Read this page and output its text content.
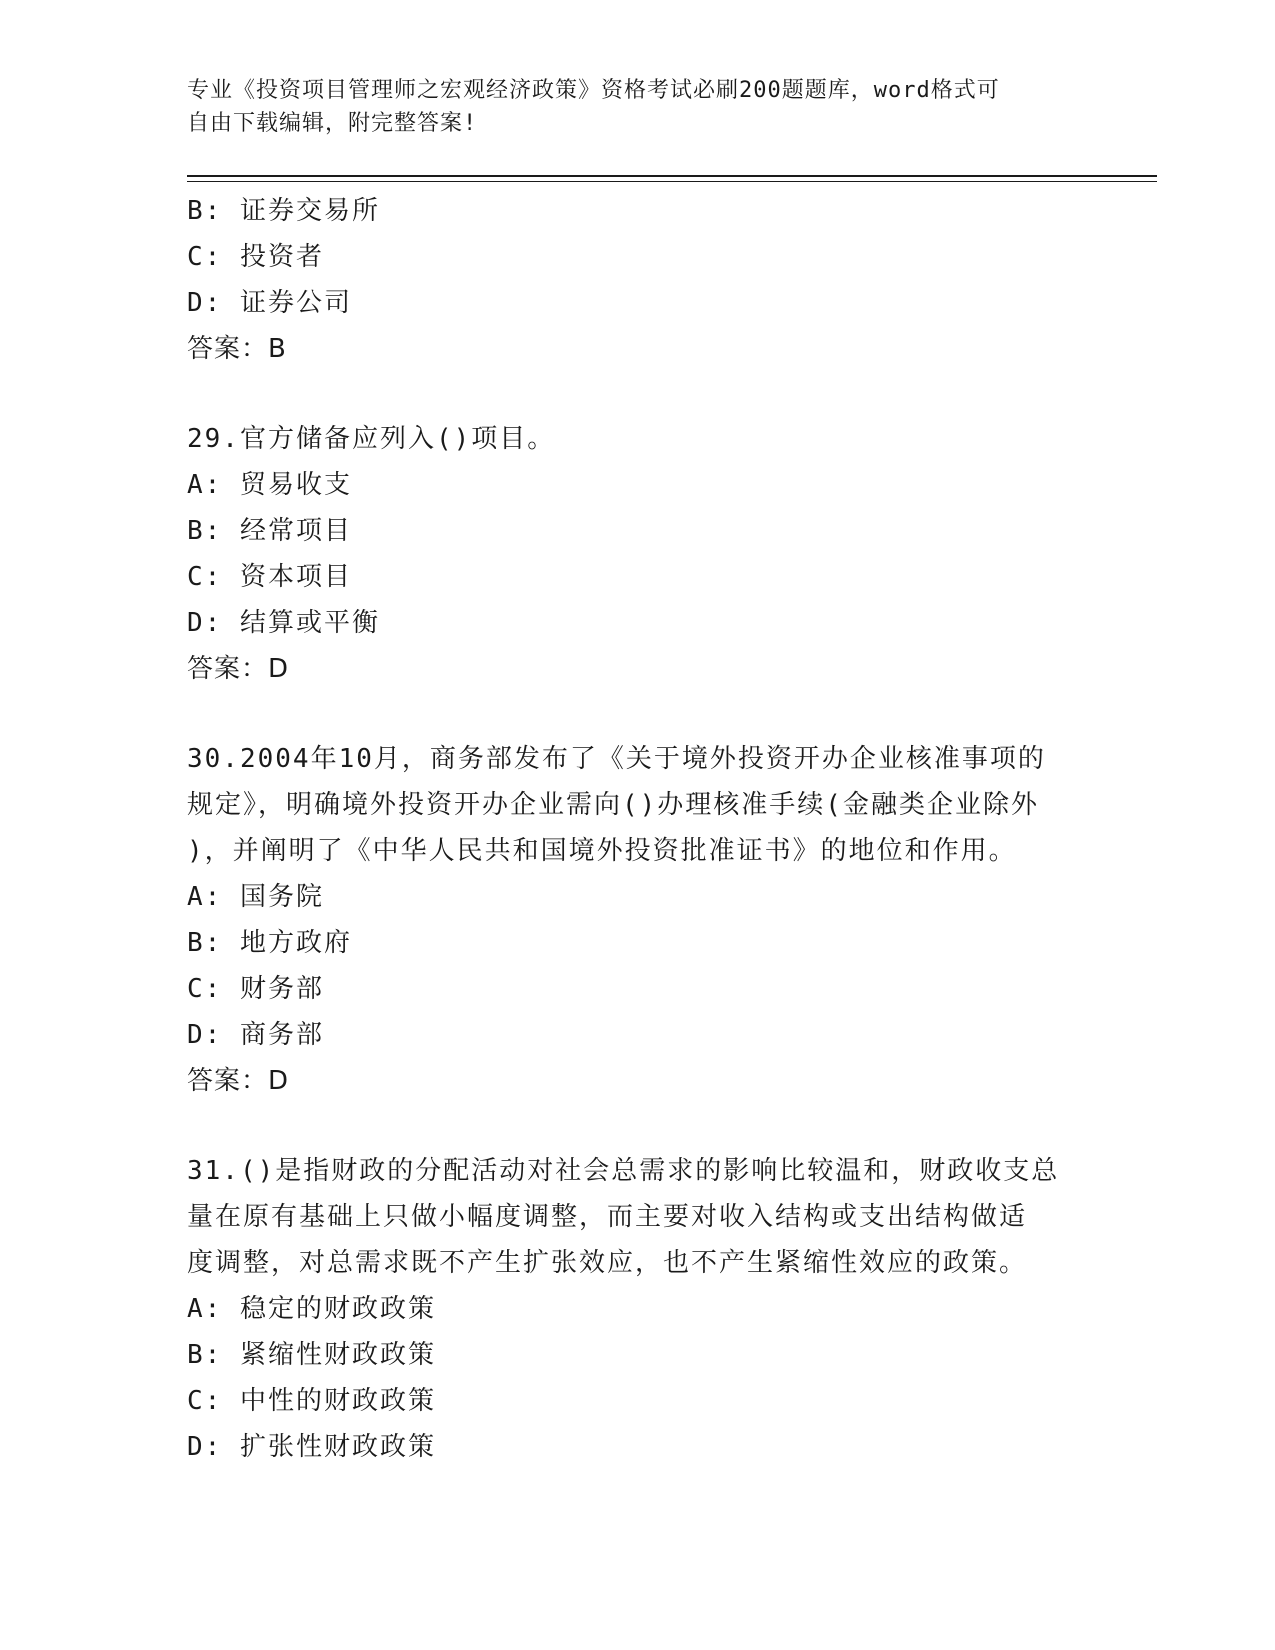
专业《投资项目管理师之宏观经济政策》资格考试必刷200题题库，word格式可
自由下载编辑，附完整答案!
B: 证券交易所
C: 投资者
D: 证券公司
答案：B
29.官方储备应列入()项目。
A: 贸易收支
B: 经常项目
C: 资本项目
D: 结算或平衡
答案：D
30.2004年10月，商务部发布了《关于境外投资开办企业核准事项的
规定》，明确境外投资开办企业需向()办理核准手续(金融类企业除外
)，并阐明了《中华人民共和国境外投资批准证书》的地位和作用。
A: 国务院
B: 地方政府
C: 财务部
D: 商务部
答案：D
31.()是指财政的分配活动对社会总需求的影响比较温和，财政收支总
量在原有基础上只做小幅度调整，而主要对收入结构或支出结构做适
度调整，对总需求既不产生扩张效应，也不产生紧缩性效应的政策。
A: 稳定的财政政策
B: 紧缩性财政政策
C: 中性的财政政策
D: 扩张性财政政策
